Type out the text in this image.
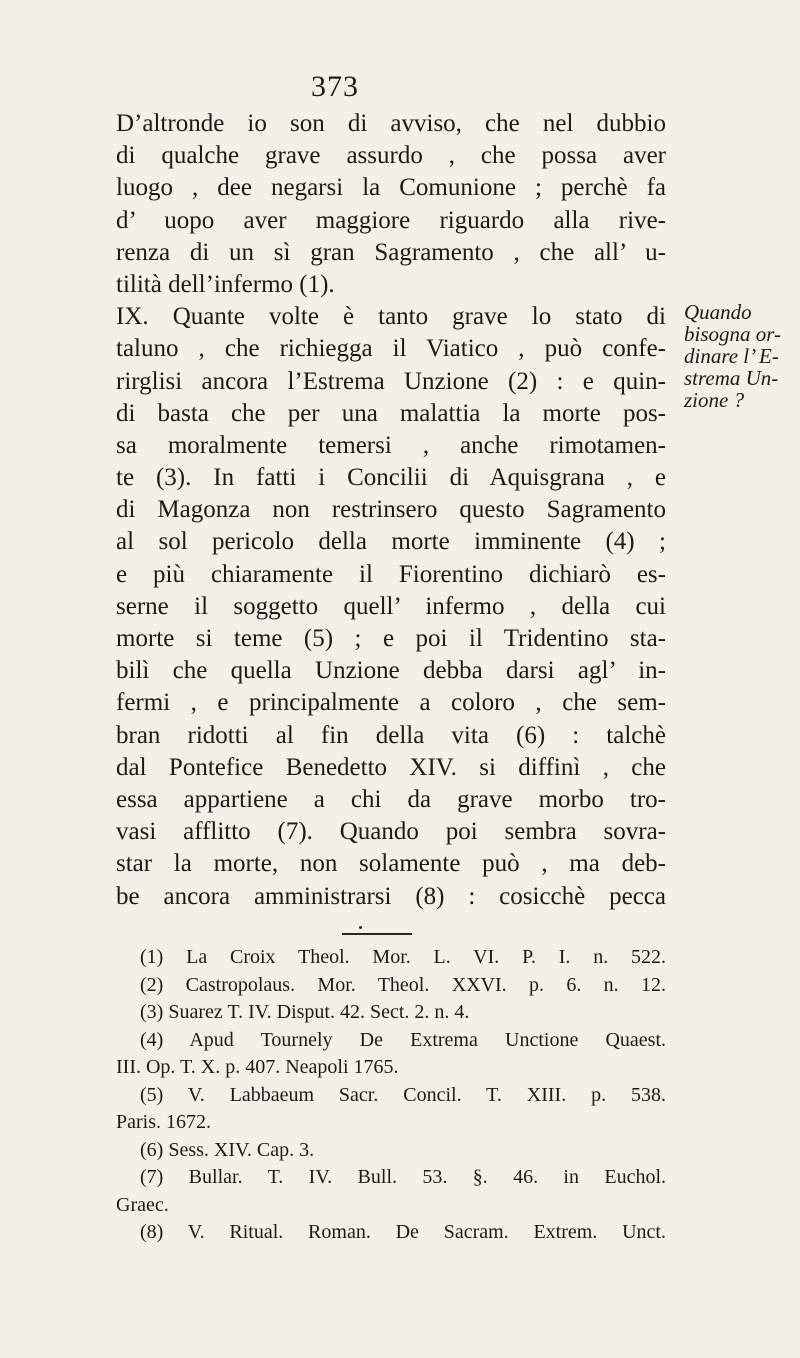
373
D’altronde io son di avviso, che nel dubbio
di qualche grave assurdo , che possa aver
luogo , dee negarsi la Comunione ; perchè fa
d’ uopo aver maggiore riguardo alla rive-
renza di un sì gran Sagramento , che all’ u-
tilità dell’infermo (1).
IX. Quante volte è tanto grave lo stato di
taluno , che richiegga il Viatico , può confe-
rirglisi ancora l’Estrema Unzione (2) : e quin-
di basta che per una malattia la morte pos-
sa moralmente temersi , anche rimotamen-
te (3). In fatti i Concilii di Aquisgrana , e
di Magonza non restrinsero questo Sagramento
al sol pericolo della morte imminente (4) ;
e più chiaramente il Fiorentino dichiarò es-
serne il soggetto quell’ infermo , della cui
morte si teme (5) ; e poi il Tridentino sta-
bilì che quella Unzione debba darsi agl’ in-
fermi , e principalmente a coloro , che sem-
bran ridotti al fin della vita (6) : talchè
dal Pontefice Benedetto XIV. si diffinì , che
essa appartiene a chi da grave morbo tro-
vasi afflitto (7). Quando poi sembra sovra-
star la morte, non solamente può , ma deb-
be ancora amministrarsi (8) : cosicchè pecca
Quando
bisogna or-
dinare l’ E-
strema Un-
zione ?
(1) La Croix Theol. Mor. L. VI. P. I. n. 522.
(2) Castropolaus. Mor. Theol. XXVI. p. 6. n. 12.
(3) Suarez T. IV. Disput. 42. Sect. 2. n. 4.
(4) Apud Tournely De Extrema Unctione Quaest.
III. Op. T. X. p. 407. Neapoli 1765.
(5) V. Labbaeum Sacr. Concil. T. XIII. p. 538.
Paris. 1672.
(6) Sess. XIV. Cap. 3.
(7) Bullar. T. IV. Bull. 53. §. 46. in Euchol.
Graec.
(8) V. Ritual. Roman. De Sacram. Extrem. Unct.
